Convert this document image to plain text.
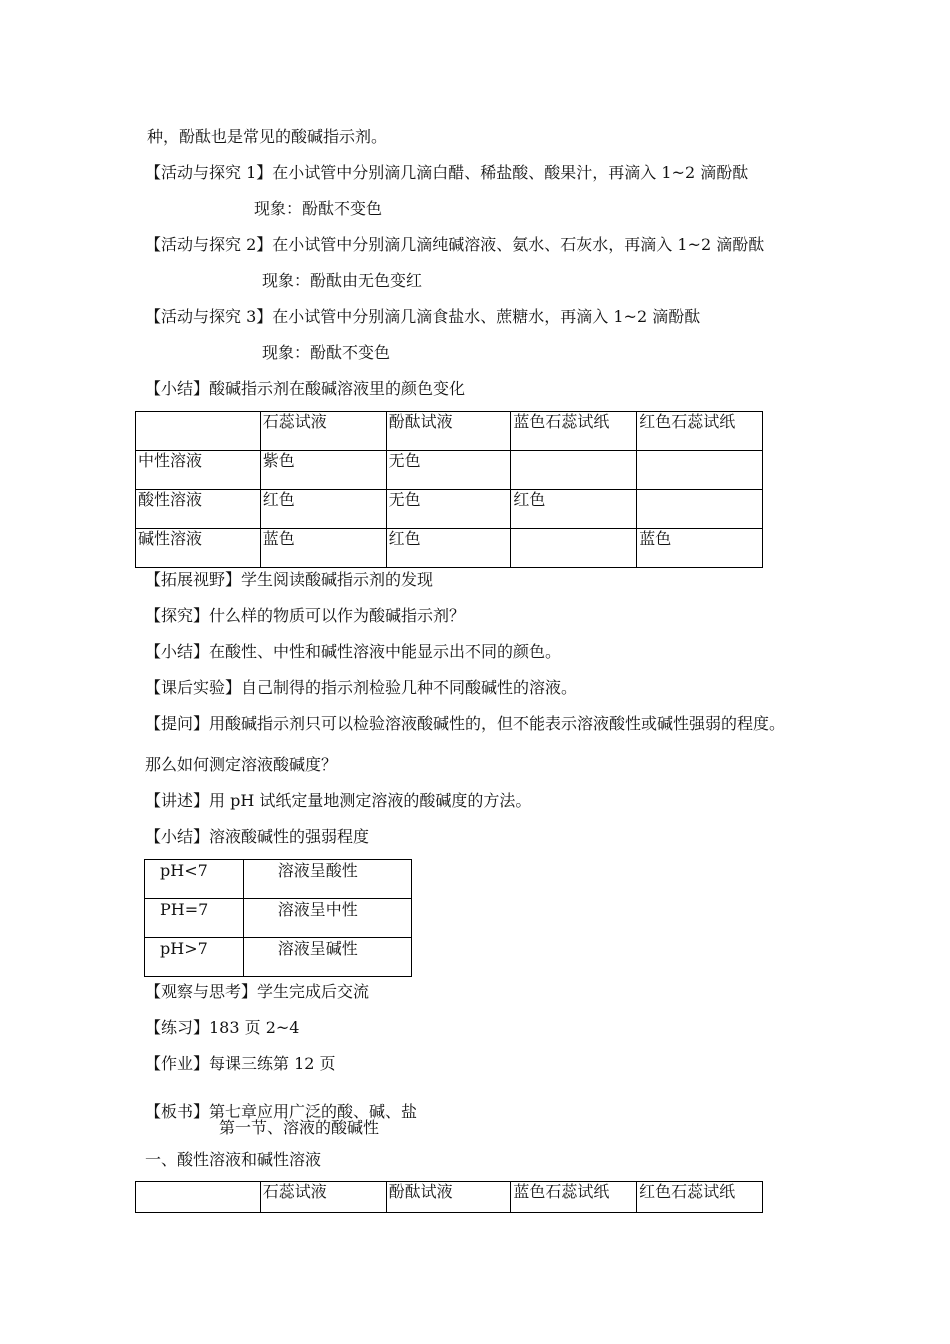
种，酚酞也是常见的酸碱指示剂。
【活动与探究 1】在小试管中分别滴几滴白醋、稀盐酸、酸果汁，再滴入 1~2 滴酚酞
现象：酚酞不变色
【活动与探究 2】在小试管中分别滴几滴纯碱溶液、氨水、石灰水，再滴入 1~2 滴酚酞
现象：酚酞由无色变红
【活动与探究 3】在小试管中分别滴几滴食盐水、蔗糖水，再滴入 1~2 滴酚酞
现象：酚酞不变色
【小结】酸碱指示剂在酸碱溶液里的颜色变化
	石蕊试液	酚酞试液	蓝色石蕊试纸	红色石蕊试纸
中性溶液	紫色	无色		
酸性溶液	红色	无色	红色	
碱性溶液	蓝色	红色		蓝色
【拓展视野】学生阅读酸碱指示剂的发现
【探究】什么样的物质可以作为酸碱指示剂？
【小结】在酸性、中性和碱性溶液中能显示出不同的颜色。
【课后实验】自己制得的指示剂检验几种不同酸碱性的溶液。
【提问】用酸碱指示剂只可以检验溶液酸碱性的，但不能表示溶液酸性或碱性强弱的程度。
那么如何测定溶液酸碱度？
【讲述】用 pH 试纸定量地测定溶液的酸碱度的方法。
【小结】溶液酸碱性的强弱程度
pH<7	溶液呈酸性
PH=7	溶液呈中性
pH>7	溶液呈碱性
【观察与思考】学生完成后交流
【练习】183 页 2~4
【作业】每课三练第 12 页
【板书】第七章应用广泛的酸、碱、盐
第一节、溶液的酸碱性
一、酸性溶液和碱性溶液
	石蕊试液	酚酞试液	蓝色石蕊试纸	红色石蕊试纸
